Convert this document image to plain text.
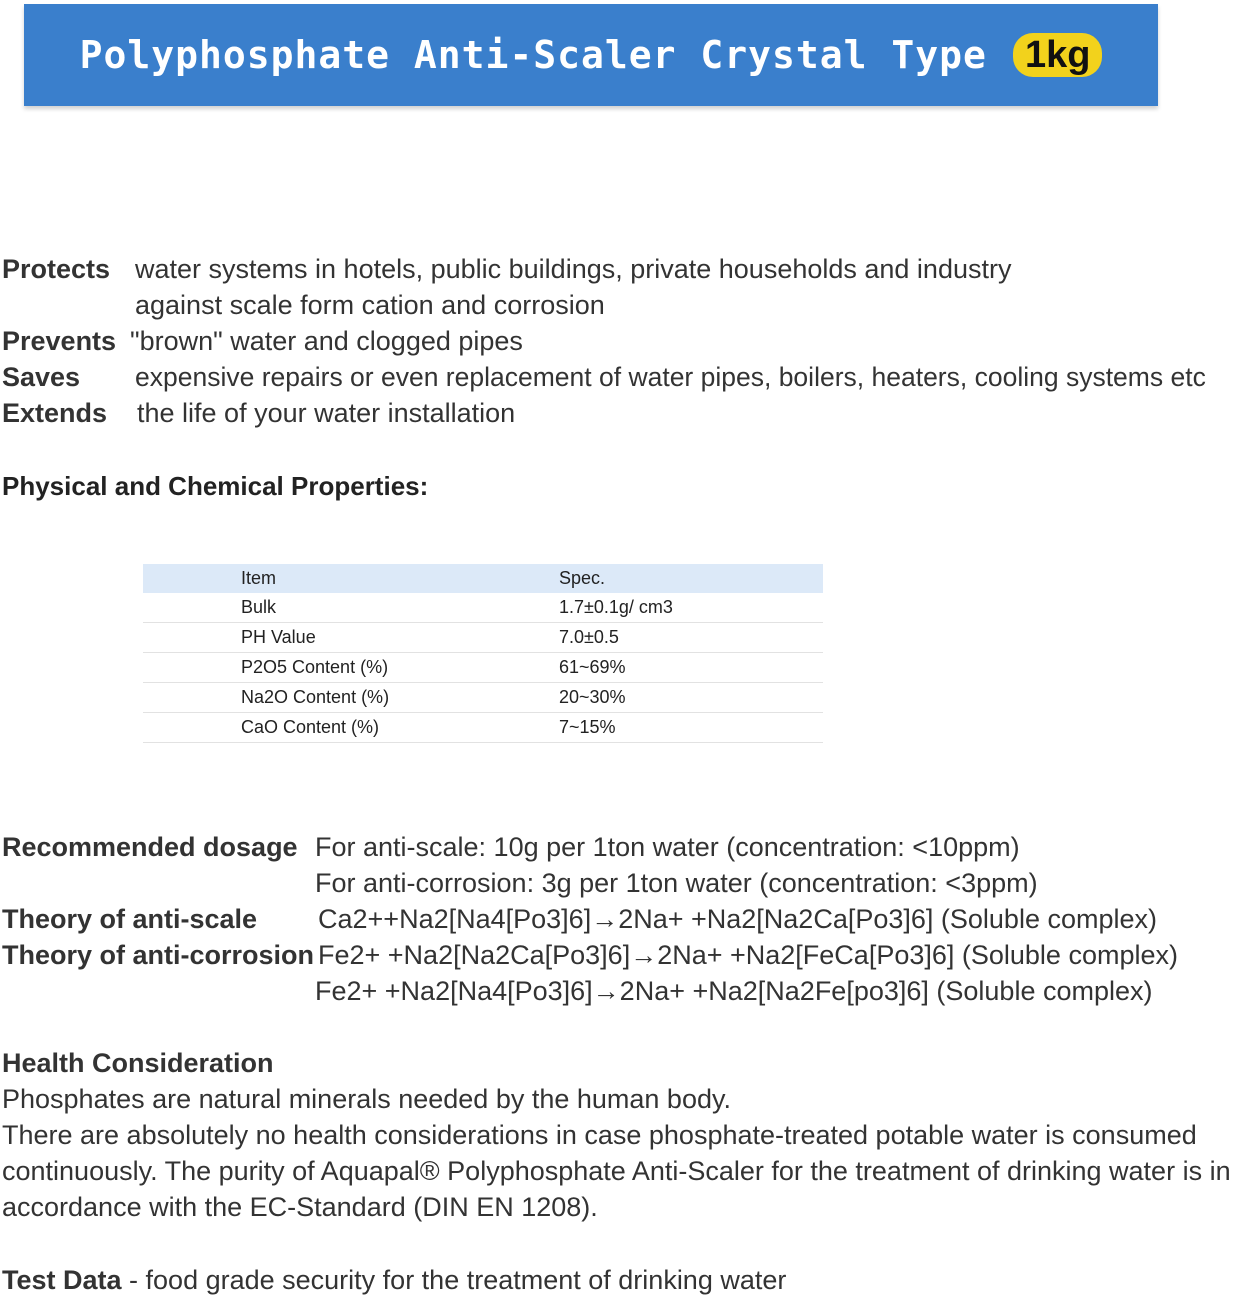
Polyphosphate Anti-Scaler Crystal Type	1kg
Protects water systems in hotels, public buildings, private households and industry
against scale form cation and corrosion
Prevents "brown" water and clogged pipes
Saves expensive repairs or even replacement of water pipes, boilers, heaters, cooling systems etc
Extends the life of your water installation
Physical and Chemical Properties:
Item	Spec.
Bulk	1.7±0.1g/ cm3
PH Value	7.0±0.5
P2O5 Content (%)	61~69%
Na2O Content (%)	20~30%
CaO Content (%)	7~15%
Recommended dosage For anti-scale: 10g per 1ton water (concentration: <10ppm)
For anti-corrosion: 3g per 1ton water (concentration: <3ppm)
Theory of anti-scale Ca2++Na2[Na4[Po3]6]→2Na+ +Na2[Na2Ca[Po3]6] (Soluble complex)
Theory of anti-corrosion Fe2+ +Na2[Na2Ca[Po3]6]→2Na+ +Na2[FeCa[Po3]6] (Soluble complex)
Fe2+ +Na2[Na4[Po3]6]→2Na+ +Na2[Na2Fe[po3]6] (Soluble complex)
Health Consideration
Phosphates are natural minerals needed by the human body.
There are absolutely no health considerations in case phosphate-treated potable water is consumed continuously. The purity of Aquapal® Polyphosphate Anti-Scaler for the treatment of drinking water is in accordance with the EC-Standard (DIN EN 1208).
Test Data - food grade security for the treatment of drinking water
